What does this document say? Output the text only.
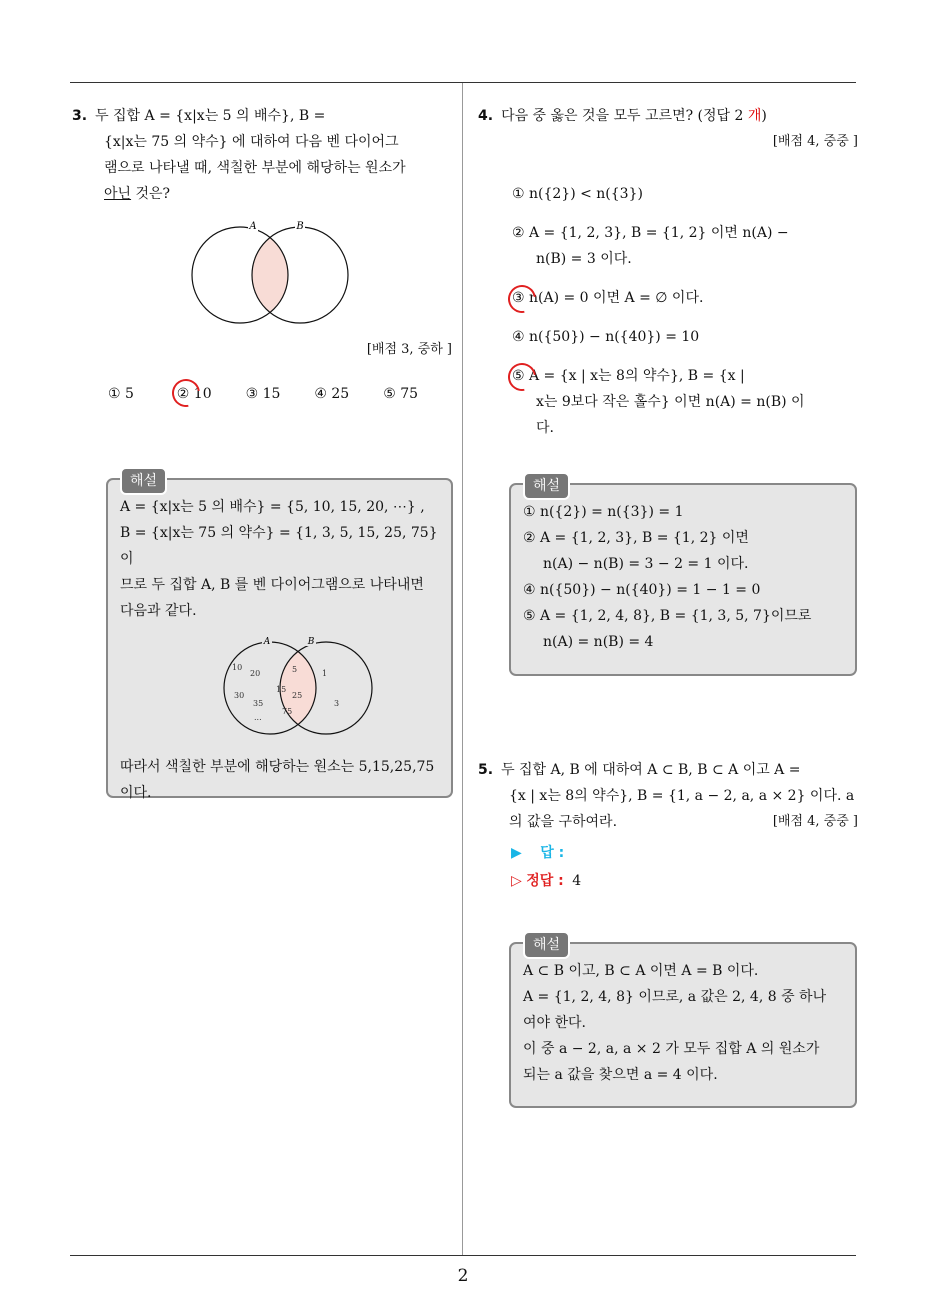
2
3. 두 집합 A = {x|x는 5 의 배수}, B =
{x|x는 75 의 약수} 에 대하여 다음 벤 다이어그
램으로 나타낼 때, 색칠한 부분에 해당하는 원소가
아닌 것은?
A	B
[배점 3, 중하 ]
① 5	② 10	③ 15	④ 25	⑤ 75
해설
A = {x|x는 5 의 배수} = {5, 10, 15, 20, ⋯} ,
B = {x|x는 75 의 약수} = {1, 3, 5, 15, 25, 75} 이
므로 두 집합 A, B 를 벤 다이어그램으로 나타내면
다음과 같다.
A	B
10
20
30
35
...
5
15
25
75
1
3
따라서 색칠한 부분에 해당하는 원소는 5,15,25,75
이다.
4. 다음 중 옳은 것을 모두 고르면? (정답 2 개)
[배점 4, 중중 ]
① n({2}) < n({3})
② A = {1, 2, 3}, B = {1, 2} 이면 n(A) −
n(B) = 3 이다.
③ n(A) = 0 이면 A = ∅ 이다.
④ n({50}) − n({40}) = 10
⑤ A = {x | x는 8의 약수}, B = {x |
x는 9보다 작은 홀수} 이면 n(A) = n(B) 이
다.
해설
① n({2}) = n({3}) = 1
② A = {1, 2, 3}, B = {1, 2} 이면
n(A) − n(B) = 3 − 2 = 1 이다.
④ n({50}) − n({40}) = 1 − 1 = 0
⑤ A = {1, 2, 4, 8}, B = {1, 3, 5, 7}이므로
n(A) = n(B) = 4
5. 두 집합 A, B 에 대하여 A ⊂ B, B ⊂ A 이고 A =
{x | x는 8의 약수}, B = {1, a − 2, a, a × 2} 이다. a
의 값을 구하여라.	[배점 4, 중중 ]
▶ 답 :
▷ 정답 : 4
해설
A ⊂ B 이고, B ⊂ A 이면 A = B 이다.
A = {1, 2, 4, 8} 이므로, a 값은 2, 4, 8 중 하나
여야 한다.
이 중 a − 2, a, a × 2 가 모두 집합 A 의 원소가
되는 a 값을 찾으면 a = 4 이다.
